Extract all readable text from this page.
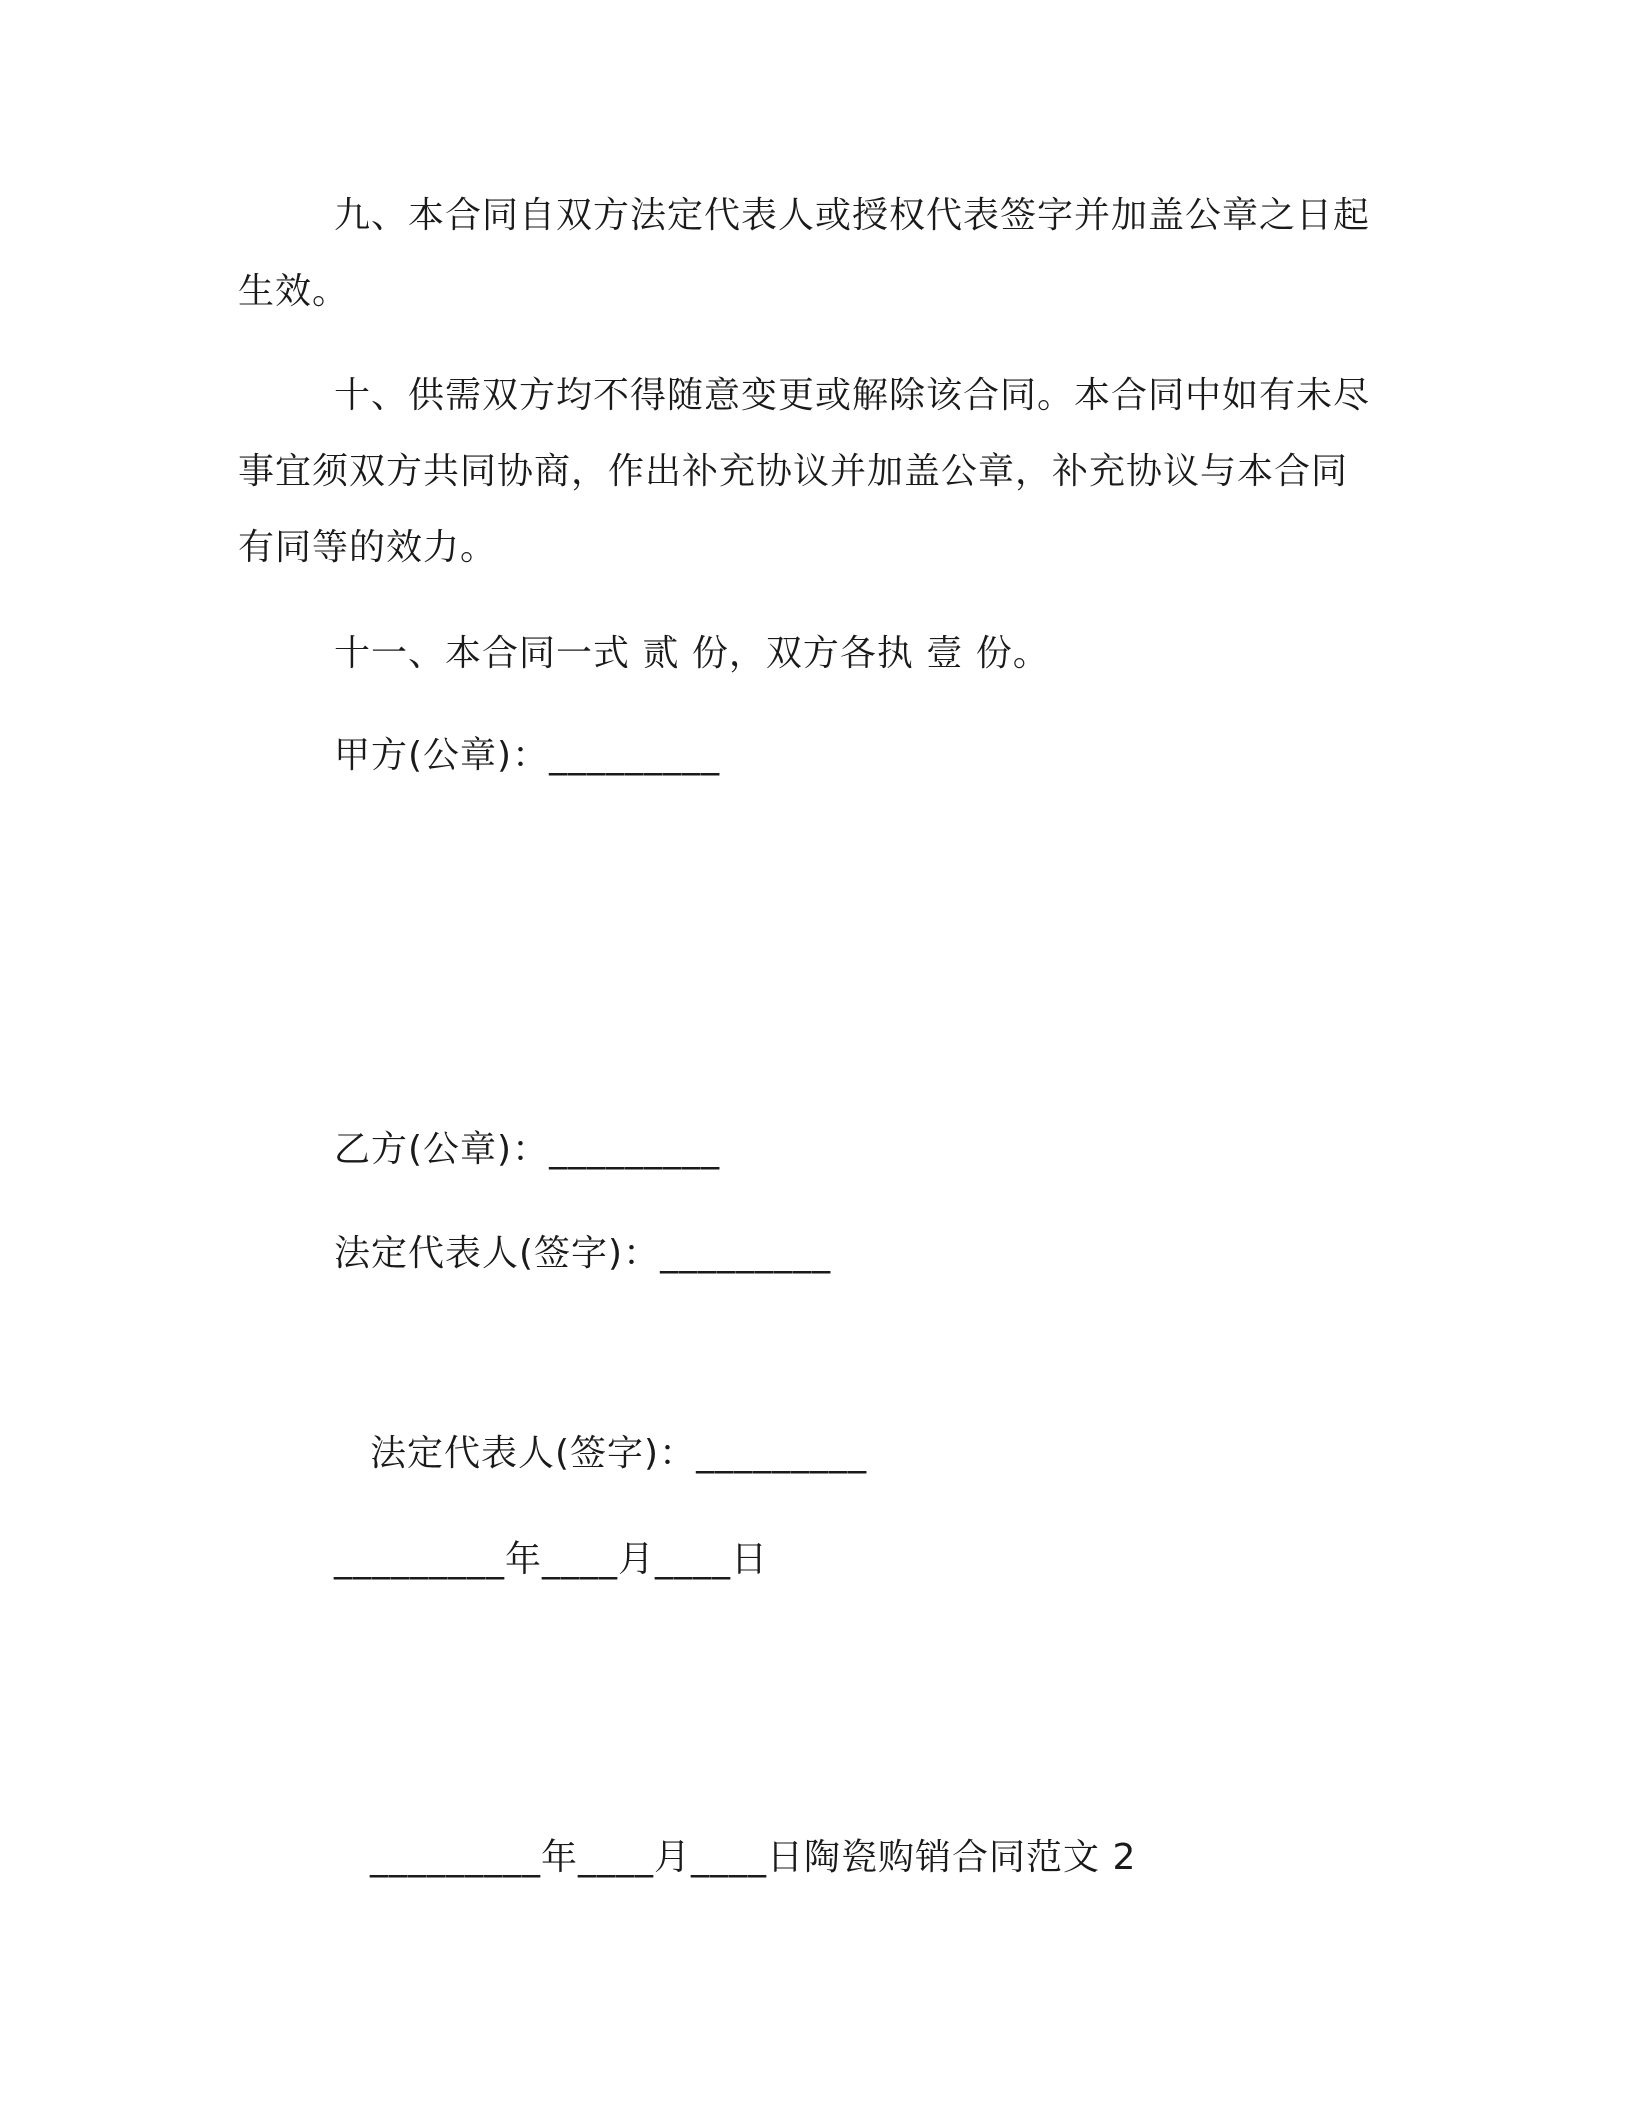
九、本合同自双方法定代表人或授权代表签字并加盖公章之日起
生效。
十、供需双方均不得随意变更或解除该合同。本合同中如有未尽
事宜须双方共同协商，作出补充协议并加盖公章，补充协议与本合同
有同等的效力。
十一、本合同一式 贰 份，双方各执 壹 份。
甲方(公章)：_________
乙方(公章)：_________
法定代表人(签字)：_________
法定代表人(签字)：_________
_________年____月____日
_________年____月____日陶瓷购销合同范文 2
